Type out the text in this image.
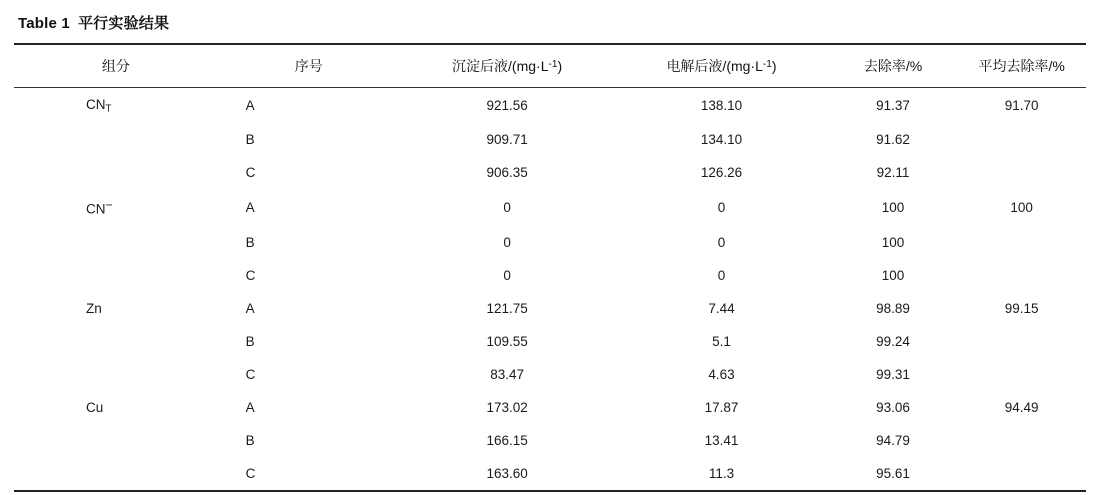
Table 1 平行实验结果
组分	序号	沉淀后液$/(mg\cdot L^{-1})$	电解后液$/(mg\cdot L^{-1})$	去除率/%	平均去除率/%
$CN_T$	A	921.56	138.10	91.37	91.70
	B	909.71	134.10	91.62	
	C	906.35	126.26	92.11	
CN−	A	0	0	100	100
	B	0	0	100	
	C	0	0	100	
Zn	A	121.75	7.44	98.89	99.15
	B	109.55	5.1	99.24	
	C	83.47	4.63	99.31	
Cu	A	173.02	17.87	93.06	94.49
	B	166.15	13.41	94.79	
	C	163.60	11.3	95.61	
